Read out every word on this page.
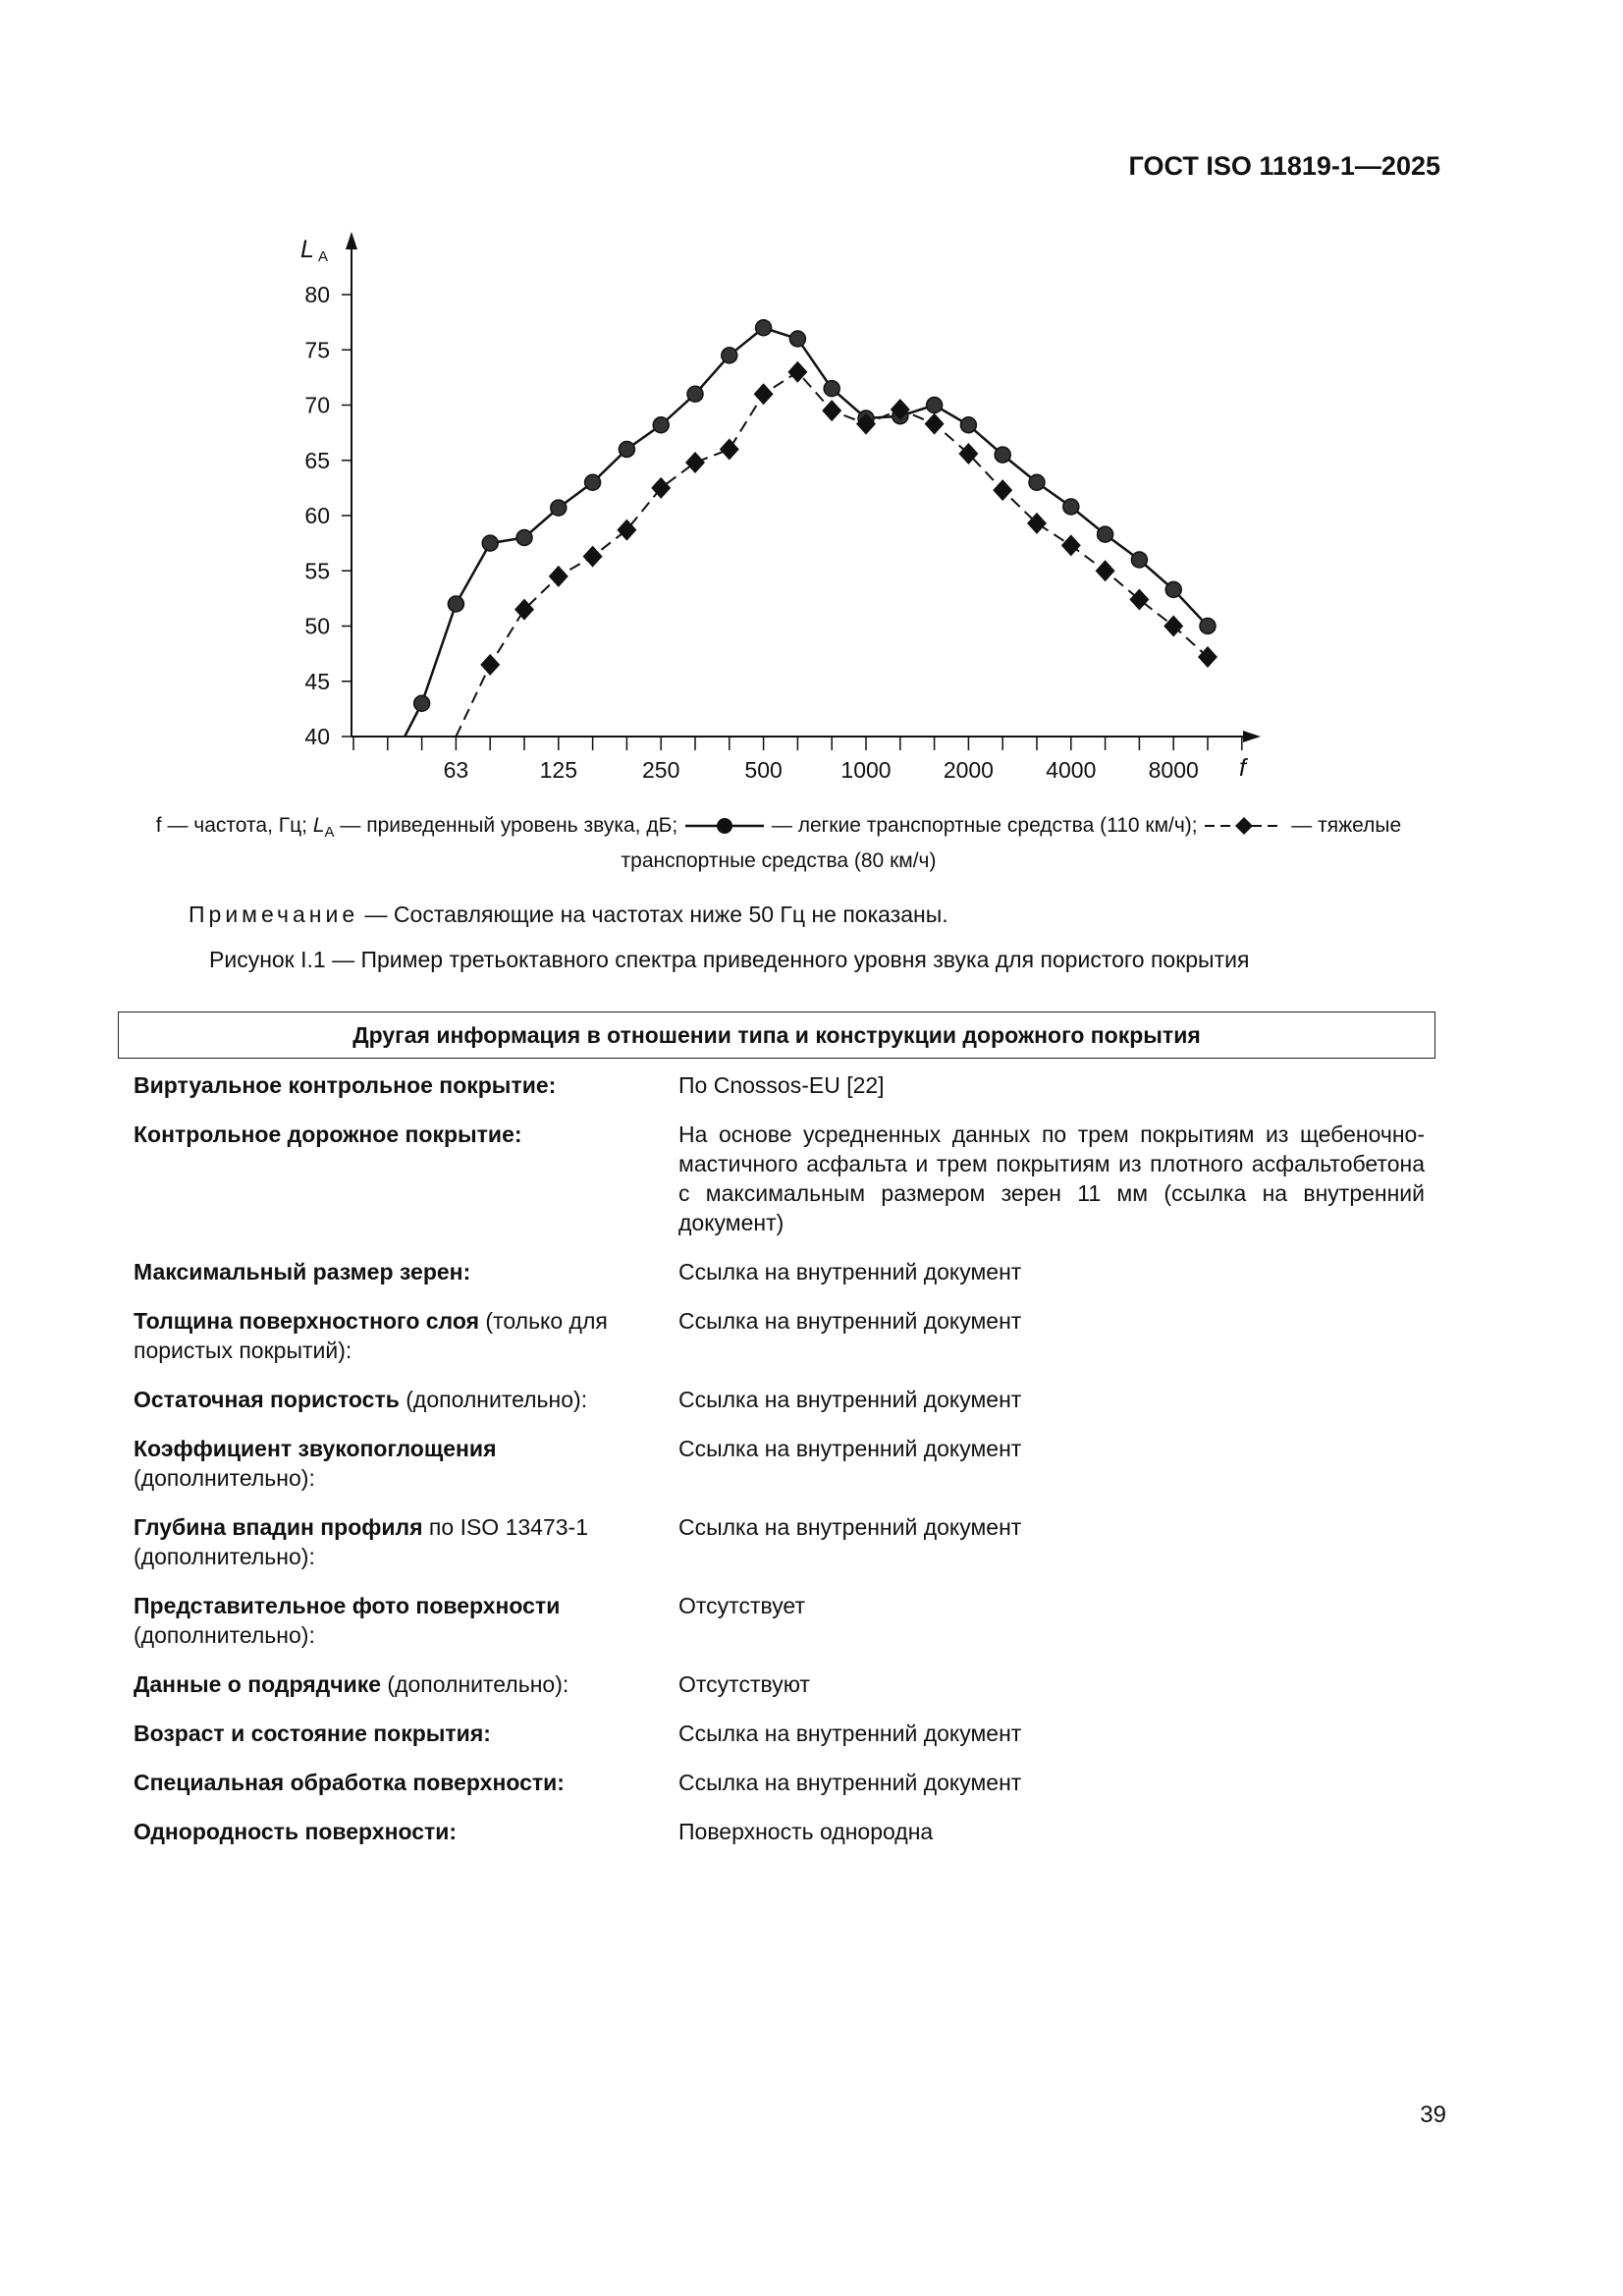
ГОСТ ISO 11819-1—2025
40
45
50
55
60
65
70
75
80
L A
63	125	250	500	1000 2000 4000 8000 f
f — частота, Гц; $L_A$ — приведенный уровень звука, дБ;	— легкие транспортные средства (110 км/ч);	— тяжелые
транспортные средства (80 км/ч)
Примечание — Составляющие на частотах ниже 50 Гц не показаны.
Рисунок I.1 — Пример третьоктавного спектра приведенного уровня звука для пористого покрытия
Другая информация в отношении типа и конструкции дорожного покрытия
Виртуальное контрольное покрытие:	По Cnossos-EU [22]
Контрольное дорожное покрытие:	На основе усредненных данных по трем покрытиям из щебеночно-мастичного асфальта и трем покрытиям из плотного асфальтобетона с максимальным размером зерен 11 мм (ссылка на внутренний документ)
Максимальный размер зерен:	Ссылка на внутренний документ
Толщина поверхностного слоя (только для пористых покрытий):
Ссылка на внутренний документ
Остаточная пористость (дополнительно):	Ссылка на внутренний документ
Коэффициент звукопоглощения (дополнительно):
Ссылка на внутренний документ
Глубина впадин профиля по ISO 13473-1 (дополнительно):
Ссылка на внутренний документ
Представительное фото поверхности (дополнительно):
Отсутствует
Данные о подрядчике (дополнительно):	Отсутствуют
Возраст и состояние покрытия:	Ссылка на внутренний документ
Специальная обработка поверхности:	Ссылка на внутренний документ
Однородность поверхности:	Поверхность однородна
39
